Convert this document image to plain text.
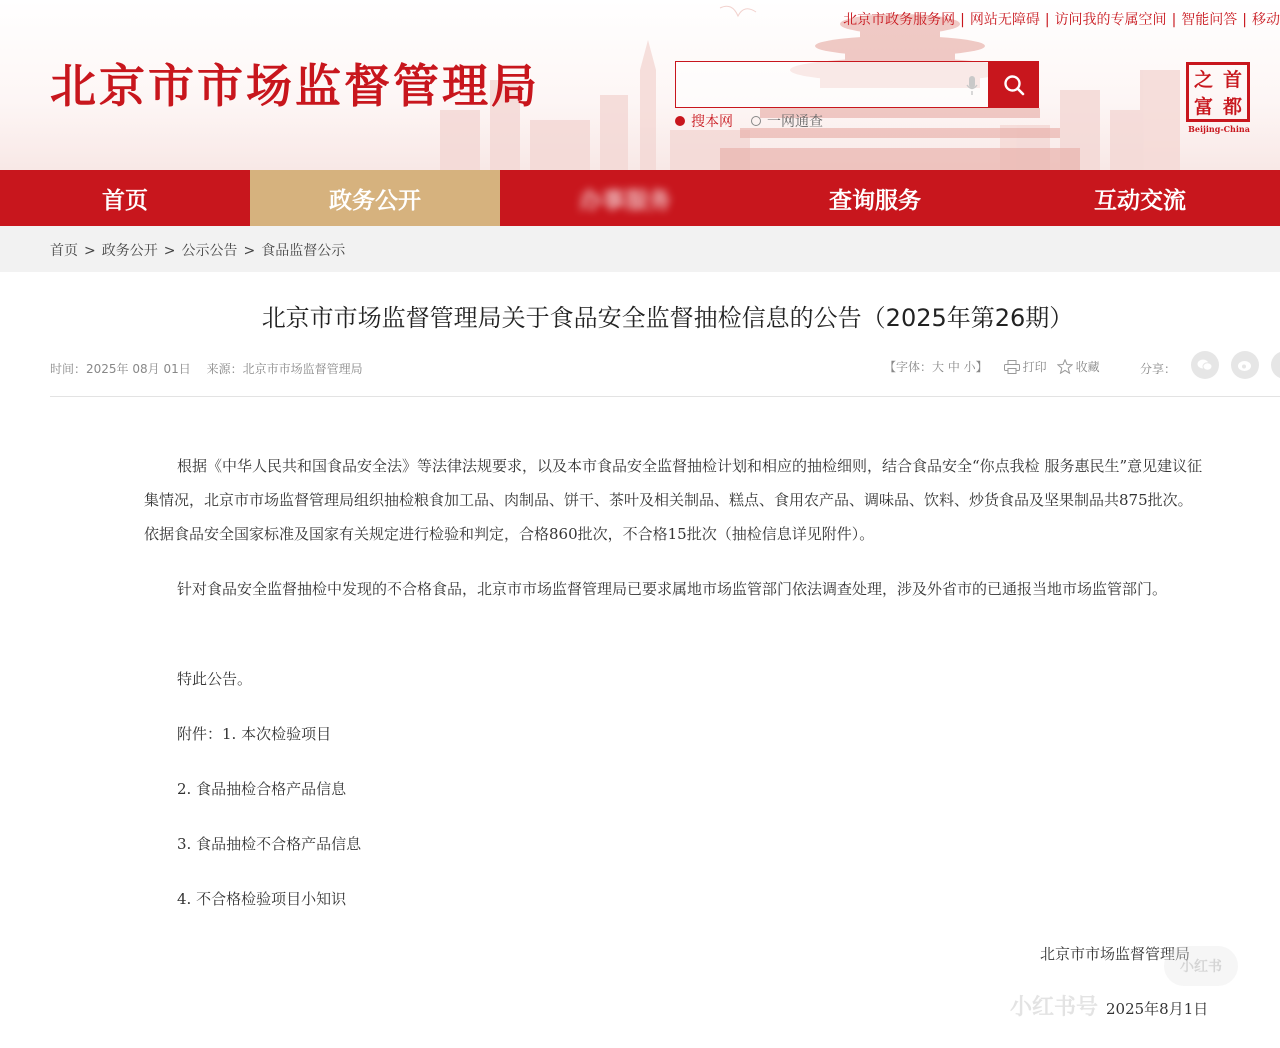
北京市政务服务网 | 网站无障碍 | 访问我的专属空间 | 智能问答 | 移动
北京市市场监督管理局
搜本网 一网通查
之 首
富 都
Beijing-China
首页	政务公开	办事服务	查询服务	互动交流
首页 > 政务公开 > 公示公告 > 食品监督公示
北京市市场监督管理局关于食品安全监督抽检信息的公告（2025年第26期）
时间：2025年 08月 01日 来源：北京市市场监督管理局	【字体：大 中 小】	打印 收藏	分享：
根据《中华人民共和国食品安全法》等法律法规要求，以及本市食品安全监督抽检计划和相应的抽检细则，结合食品安全“你点我检 服务惠民生”意见建议征集情况，北京市市场监督管理局组织抽检粮食加工品、肉制品、饼干、茶叶及相关制品、糕点、食用农产品、调味品、饮料、炒货食品及坚果制品共875批次。依据食品安全国家标准及国家有关规定进行检验和判定，合格860批次，不合格15批次（抽检信息详见附件）。
针对食品安全监督抽检中发现的不合格食品，北京市市场监督管理局已要求属地市场监管部门依法调查处理，涉及外省市的已通报当地市场监管部门。
特此公告。
附件：1. 本次检验项目
2. 食品抽检合格产品信息
3. 食品抽检不合格产品信息
4. 不合格检验项目小知识
北京市市场监督管理局
2025年8月1日
小红书
小红书号
